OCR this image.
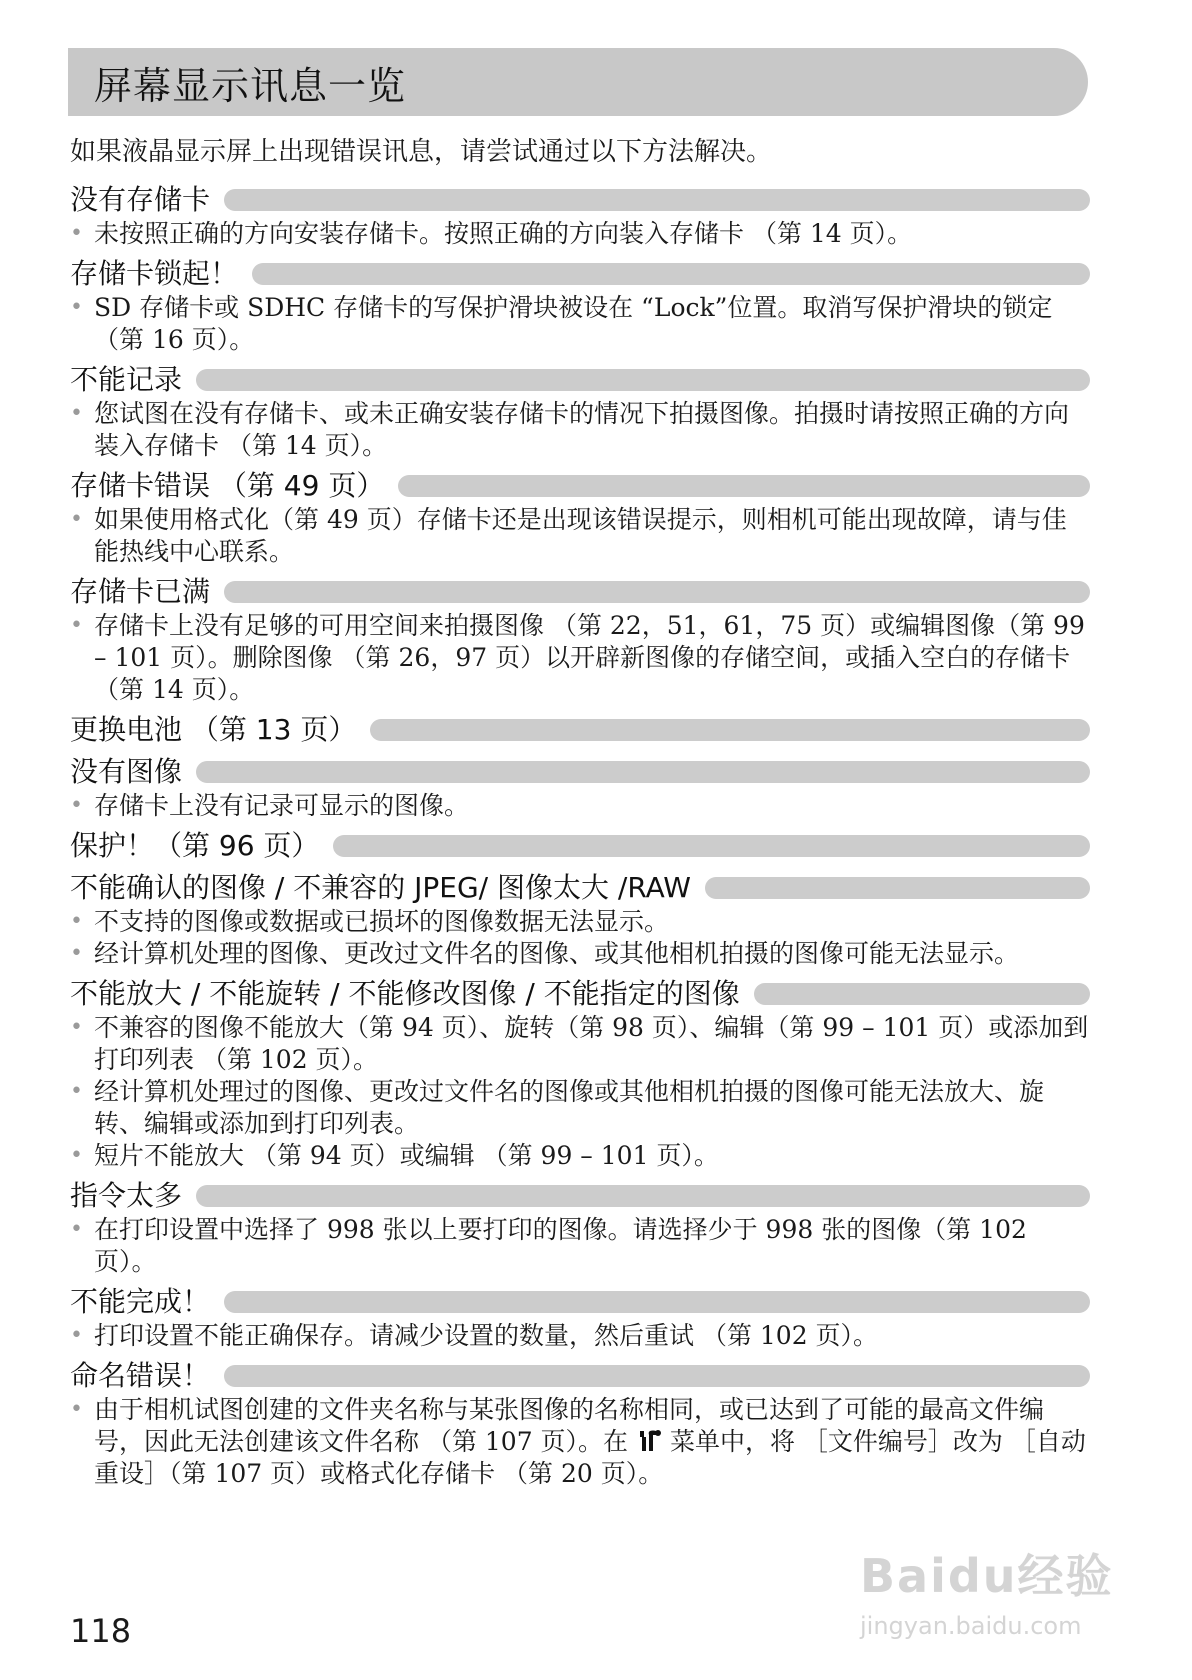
屏幕显示讯息一览

如果液晶显示屏上出现错误讯息，请尝试通过以下方法解决。

没有存储卡
• 未按照正确的方向安装存储卡。按照正确的方向装入存储卡 （第 14 页）。
存储卡锁起！
• SD 存储卡或 SDHC 存储卡的写保护滑块被设在 “Lock”位置。取消写保护滑块的锁定 （第 16 页）。
不能记录
• 您试图在没有存储卡、或未正确安装存储卡的情况下拍摄图像。拍摄时请按照正确的方向装入存储卡 （第 14 页）。
存储卡错误 （第 49 页）
• 如果使用格式化（第 49 页）存储卡还是出现该错误提示，则相机可能出现故障，请与佳能热线中心联系。
存储卡已满
• 存储卡上没有足够的可用空间来拍摄图像 （第 22，51，61，75 页）或编辑图像（第 99 – 101 页）。删除图像 （第 26，97 页）以开辟新图像的存储空间，或插入空白的存储卡 （第 14 页）。
更换电池 （第 13 页）
没有图像
• 存储卡上没有记录可显示的图像。
保护！（第 96 页）
不能确认的图像 / 不兼容的 JPEG/ 图像太大 /RAW
• 不支持的图像或数据或已损坏的图像数据无法显示。
• 经计算机处理的图像、更改过文件名的图像、或其他相机拍摄的图像可能无法显示。
不能放大 / 不能旋转 / 不能修改图像 / 不能指定的图像
• 不兼容的图像不能放大（第 94 页）、旋转（第 98 页）、编辑（第 99 – 101 页）或添加到打印列表 （第 102 页）。
• 经计算机处理过的图像、更改过文件名的图像或其他相机拍摄的图像可能无法放大、旋转、编辑或添加到打印列表。
• 短片不能放大 （第 94 页）或编辑 （第 99 – 101 页）。
指令太多
• 在打印设置中选择了 998 张以上要打印的图像。请选择少于 998 张的图像（第 102 页）。
不能完成！
• 打印设置不能正确保存。请减少设置的数量，然后重试 （第 102 页）。
命名错误！
• 由于相机试图创建的文件夹名称与某张图像的名称相同，或已达到了可能的最高文件编号，因此无法创建该文件名称 （第 107 页）。在  菜单中，将 ［文件编号］改为 ［自动重设］（第 107 页）或格式化存储卡 （第 20 页）。
118
Baidu经验
jingyan.baidu.com
